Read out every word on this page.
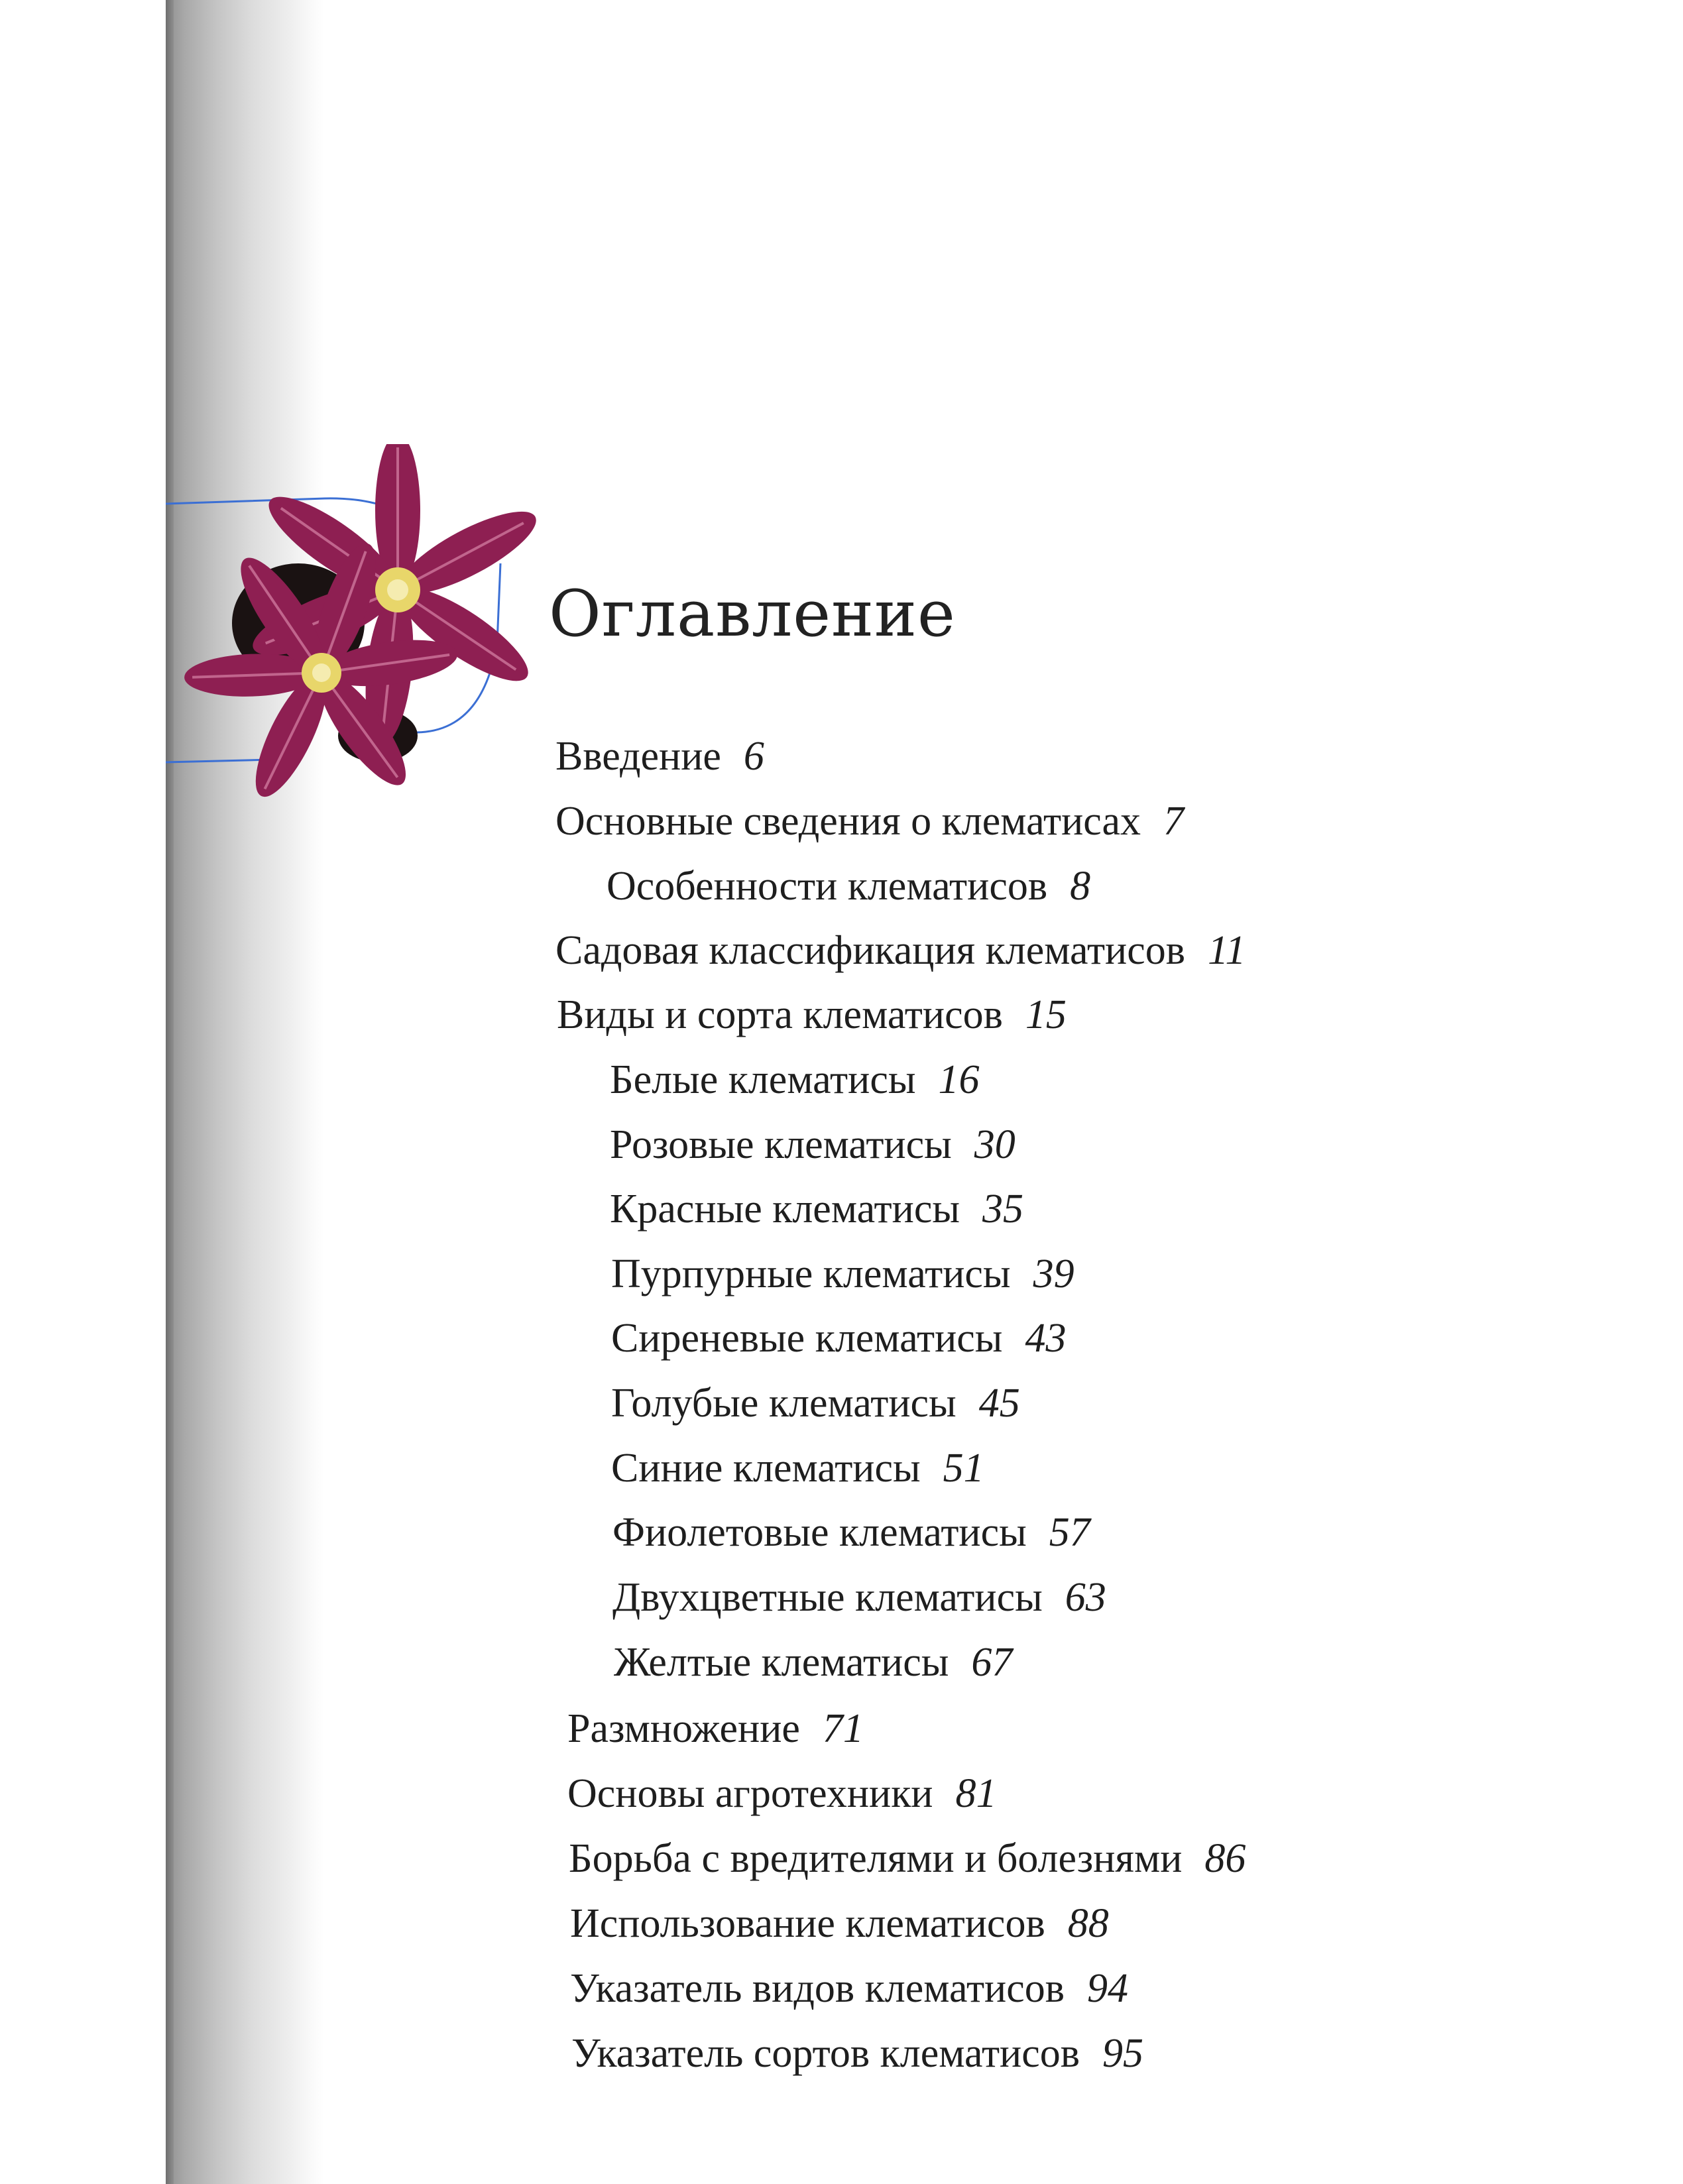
Оглавление
Введение 6
Основные сведения о клематисах 7
Особенности клематисов 8
Садовая классификация клематисов 11
Виды и сорта клематисов 15
Белые клематисы 16
Розовые клематисы 30
Красные клематисы 35
Пурпурные клематисы 39
Сиреневые клематисы 43
Голубые клематисы 45
Синие клематисы 51
Фиолетовые клематисы 57
Двухцветные клематисы 63
Желтые клематисы 67
Размножение 71
Основы агротехники 81
Борьба с вредителями и болезнями 86
Использование клематисов 88
Указатель видов клематисов 94
Указатель сортов клематисов 95
